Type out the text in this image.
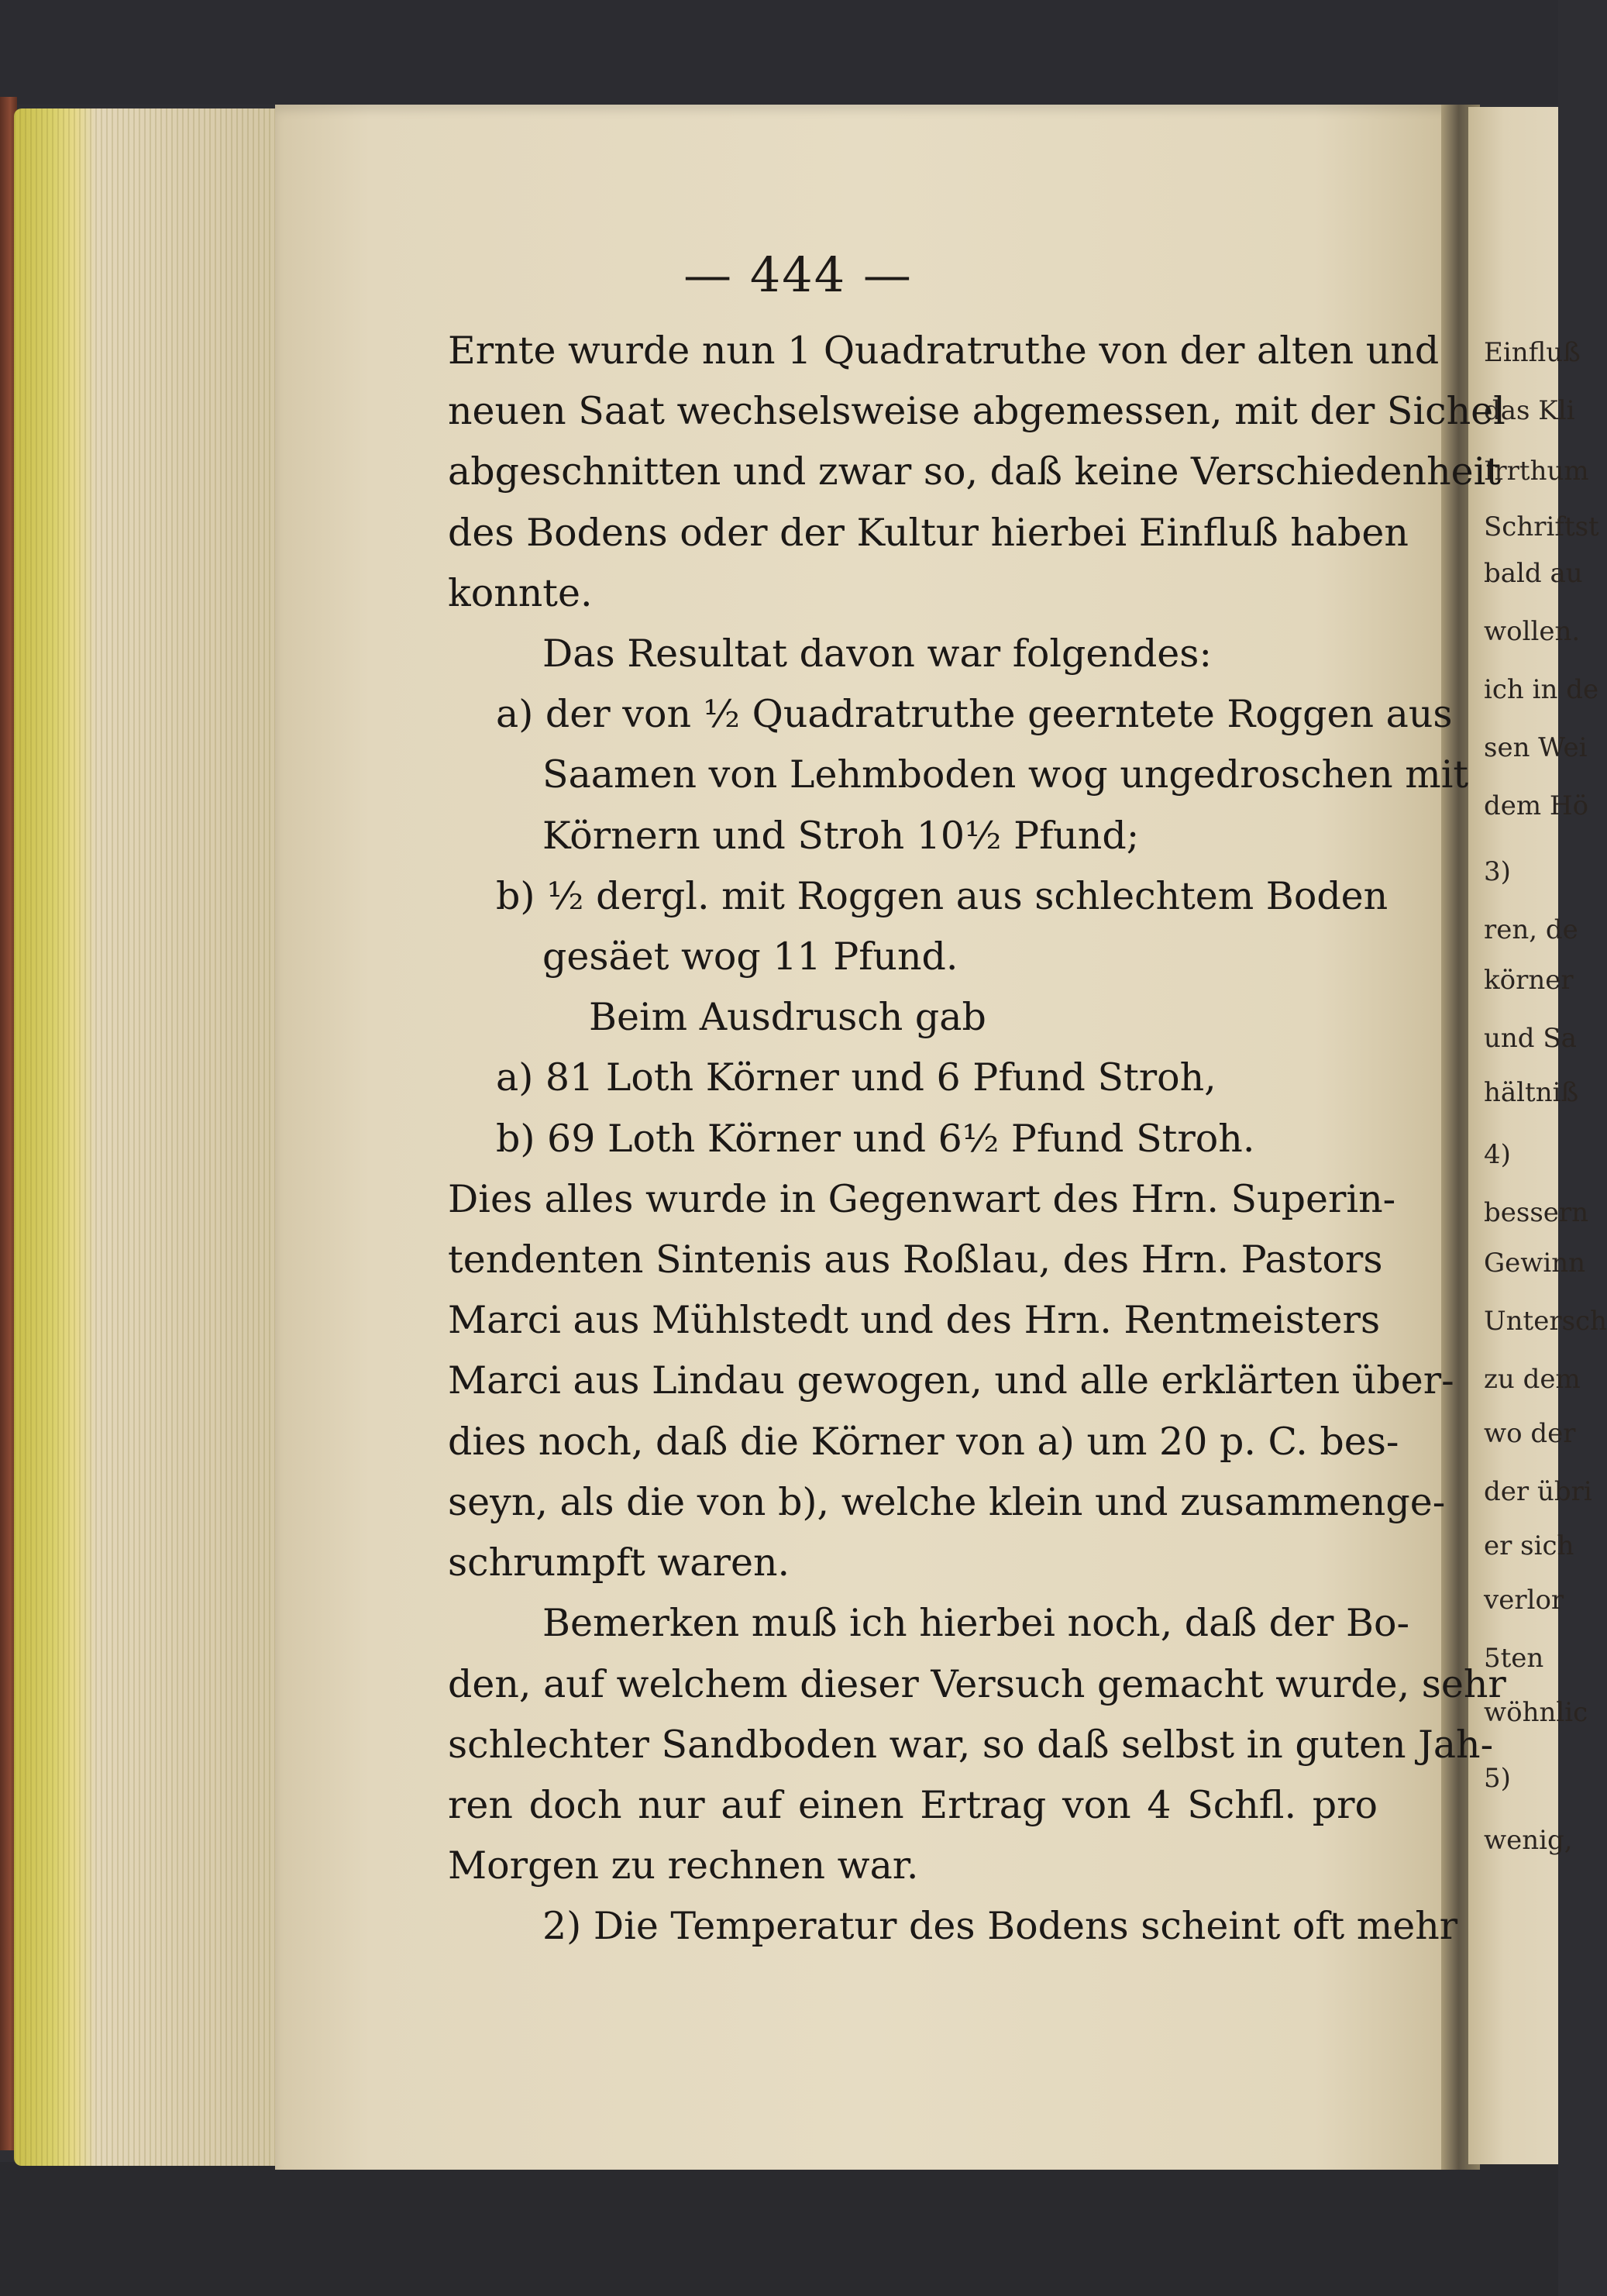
Einfluß
das Kli
Irrthum
Schriftst
bald au
wollen.
ich in de
sen Wei
dem Hö
3)
ren, de
körner
und Sa
hältniß
4)
bessern
Gewinn
Untersch
zu dem
wo der
der übri
er sich
verlor
5ten
wöhnlic
5)
wenig,
— 444 —
Ernte wurde nun 1 Quadratruthe von der alten und
neuen Saat wechselsweise abgemessen, mit der Sichel
abgeschnitten und zwar so, daß keine Verschiedenheit
des Bodens oder der Kultur hierbei Einfluß haben
konnte.
Das Resultat davon war folgendes:
a) der von ½ Quadratruthe geerntete Roggen aus
Saamen von Lehmboden wog ungedroschen mit
Körnern und Stroh 10½ Pfund;
b) ½ dergl. mit Roggen aus schlechtem Boden
gesäet wog 11 Pfund.
Beim Ausdrusch gab
a) 81 Loth Körner und 6 Pfund Stroh,
b) 69 Loth Körner und 6½ Pfund Stroh.
Dies alles wurde in Gegenwart des Hrn. Superin-
tendenten Sintenis aus Roßlau, des Hrn. Pastors
Marci aus Mühlstedt und des Hrn. Rentmeisters
Marci aus Lindau gewogen, und alle erklärten über-
dies noch, daß die Körner von a) um 20 p. C. bes-
seyn, als die von b), welche klein und zusammenge-
schrumpft waren.
Bemerken muß ich hierbei noch, daß der Bo-
den, auf welchem dieser Versuch gemacht wurde, sehr
schlechter Sandboden war, so daß selbst in guten Jah-
ren doch nur auf einen Ertrag von 4 Schfl. pro
Morgen zu rechnen war.
2) Die Temperatur des Bodens scheint oft mehr
